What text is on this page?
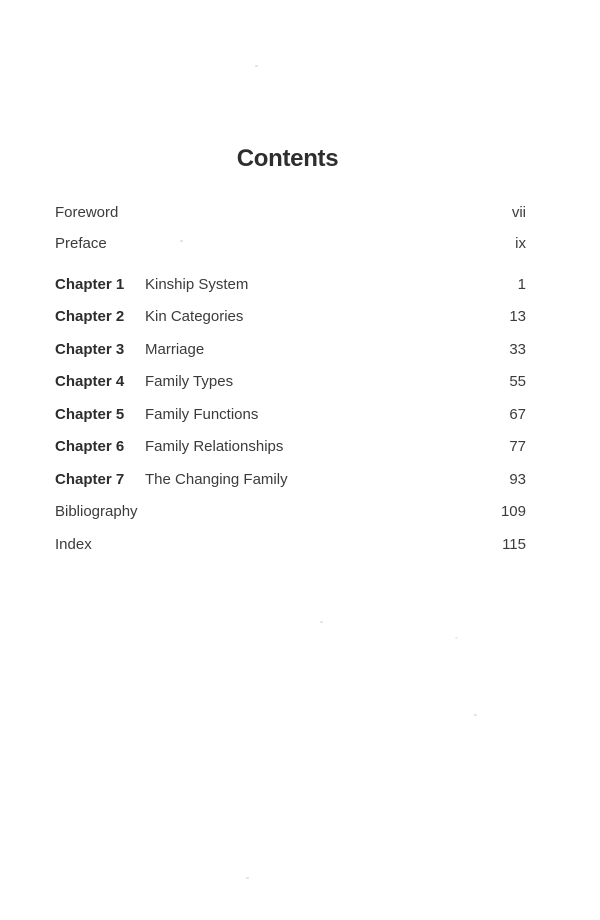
Contents
Foreword	vii
Preface	ix
Chapter 1	Kinship System	1
Chapter 2	Kin Categories	13
Chapter 3	Marriage	33
Chapter 4	Family Types	55
Chapter 5	Family Functions	67
Chapter 6	Family Relationships	77
Chapter 7	The Changing Family	93
Bibliography	109
Index	115
